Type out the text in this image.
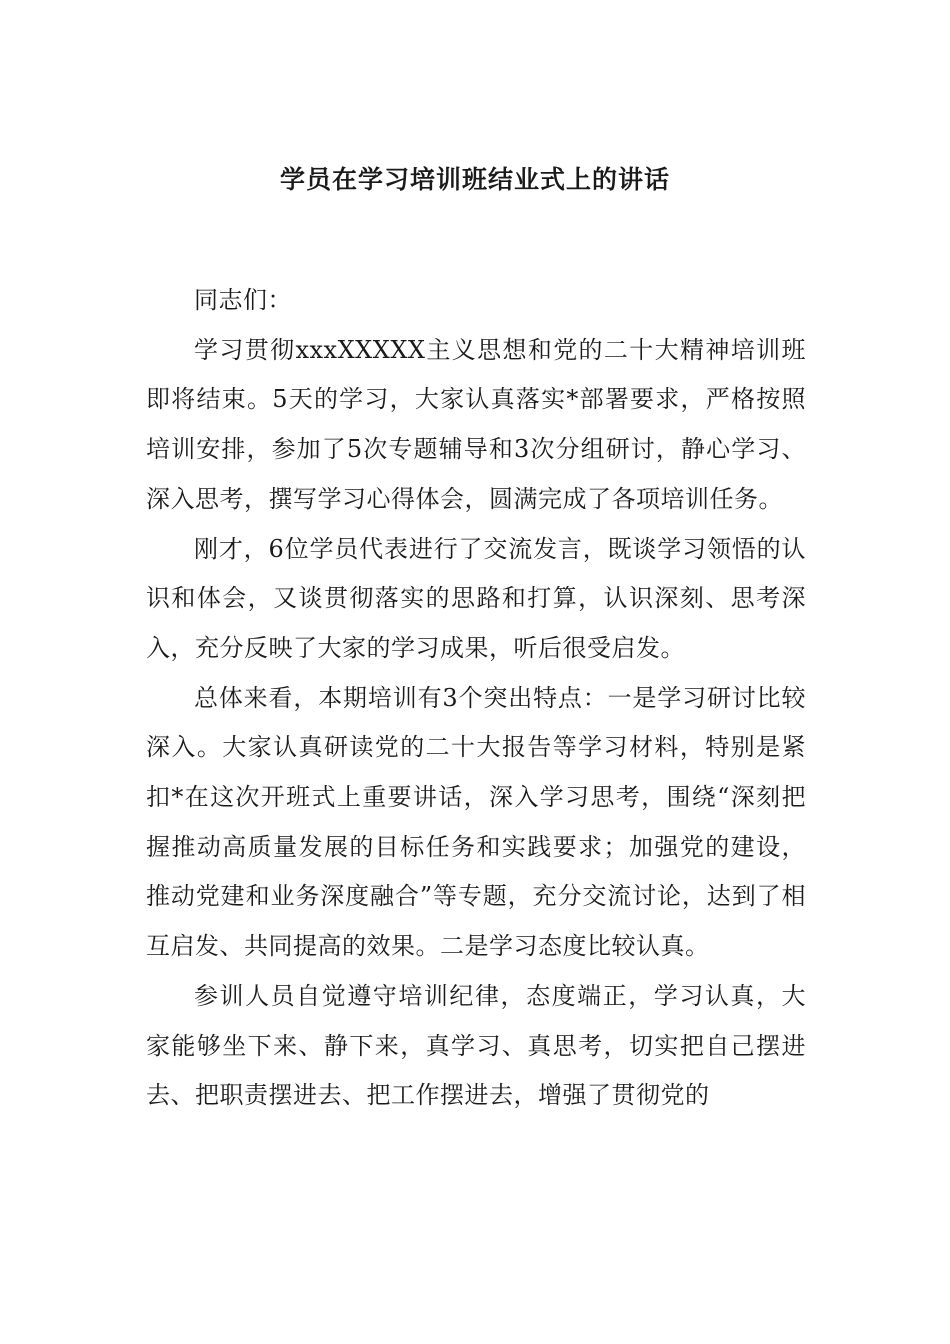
学员在学习培训班结业式上的讲话

同志们：

学习贯彻xxxXXXXX主义思想和党的二十大精神培训班即将结束。5天的学习，大家认真落实*部署要求，严格按照培训安排，参加了5次专题辅导和3次分组研讨，静心学习、深入思考，撰写学习心得体会，圆满完成了各项培训任务。

刚才，6位学员代表进行了交流发言，既谈学习领悟的认识和体会，又谈贯彻落实的思路和打算，认识深刻、思考深入，充分反映了大家的学习成果，听后很受启发。

总体来看，本期培训有3个突出特点：一是学习研讨比较深入。大家认真研读党的二十大报告等学习材料，特别是紧扣*在这次开班式上重要讲话，深入学习思考，围绕“深刻把握推动高质量发展的目标任务和实践要求；加强党的建设，推动党建和业务深度融合”等专题，充分交流讨论，达到了相互启发、共同提高的效果。二是学习态度比较认真。

参训人员自觉遵守培训纪律，态度端正，学习认真，大家能够坐下来、静下来，真学习、真思考，切实把自己摆进去、把职责摆进去、把工作摆进去，增强了贯彻党的
